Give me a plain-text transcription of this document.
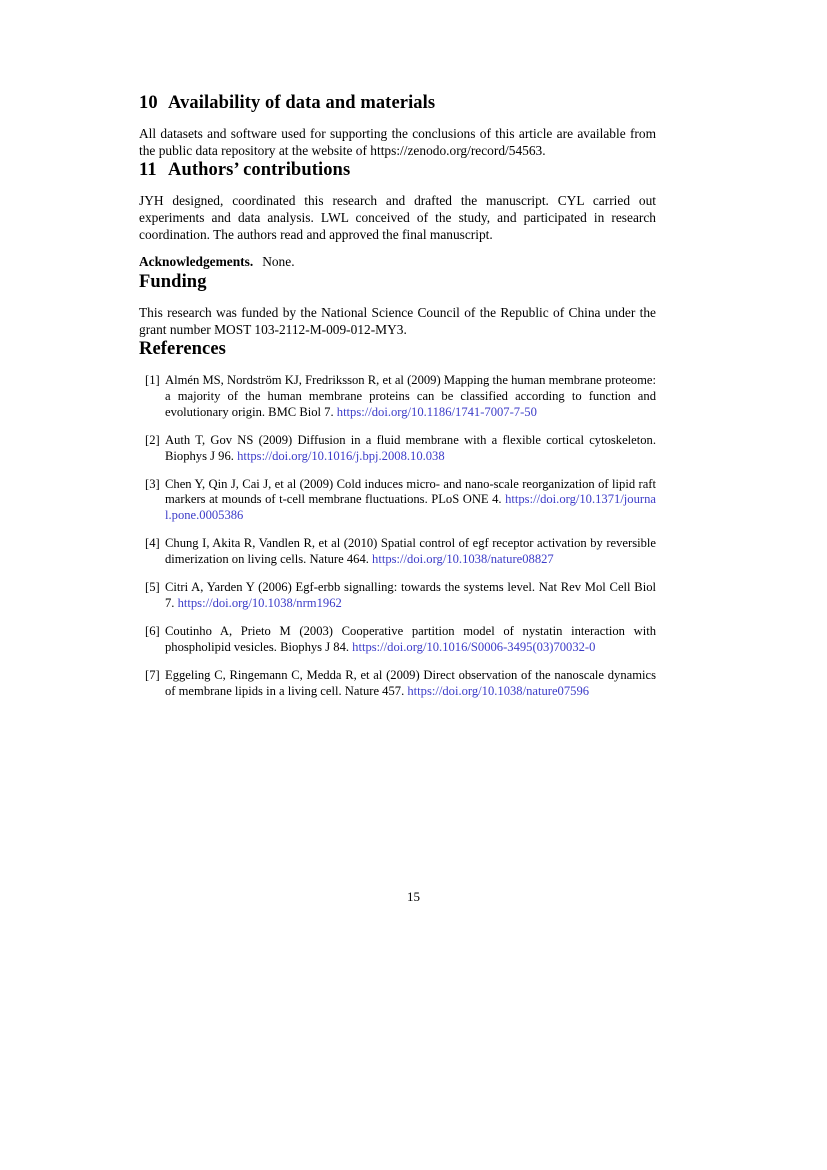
10 Availability of data and materials

All datasets and software used for supporting the conclusions of this article are available from the public data repository at the website of https://zenodo.org/record/54563.

11 Authors’ contributions

JYH designed, coordinated this research and drafted the manuscript. CYL carried out experiments and data analysis. LWL conceived of the study, and participated in research coordination. The authors read and approved the final manuscript.

Acknowledgements. None.

Funding

This research was funded by the National Science Council of the Republic of China under the grant number MOST 103-2112-M-009-012-MY3.

References
[1] Almén MS, Nordström KJ, Fredriksson R, et al (2009) Mapping the human membrane proteome: a majority of the human membrane proteins can be classified according to function and evolutionary origin. BMC Biol 7. https://doi.org/10.1186/1741-7007-7-50
[2] Auth T, Gov NS (2009) Diffusion in a fluid membrane with a flexible cortical cytoskeleton. Biophys J 96. https://doi.org/10.1016/j.bpj.2008.10.038
[3] Chen Y, Qin J, Cai J, et al (2009) Cold induces micro- and nano-scale reorganization of lipid raft markers at mounds of t-cell membrane fluctuations. PLoS ONE 4. https://doi.org/10.1371/journal.pone.0005386
[4] Chung I, Akita R, Vandlen R, et al (2010) Spatial control of egf receptor activation by reversible dimerization on living cells. Nature 464. https://doi.org/10.1038/nature08827
[5] Citri A, Yarden Y (2006) Egf-erbb signalling: towards the systems level. Nat Rev Mol Cell Biol 7. https://doi.org/10.1038/nrm1962
[6] Coutinho A, Prieto M (2003) Cooperative partition model of nystatin interaction with phospholipid vesicles. Biophys J 84. https://doi.org/10.1016/S0006-3495(03)70032-0
[7] Eggeling C, Ringemann C, Medda R, et al (2009) Direct observation of the nanoscale dynamics of membrane lipids in a living cell. Nature 457. https://doi.org/10.1038/nature07596
15
